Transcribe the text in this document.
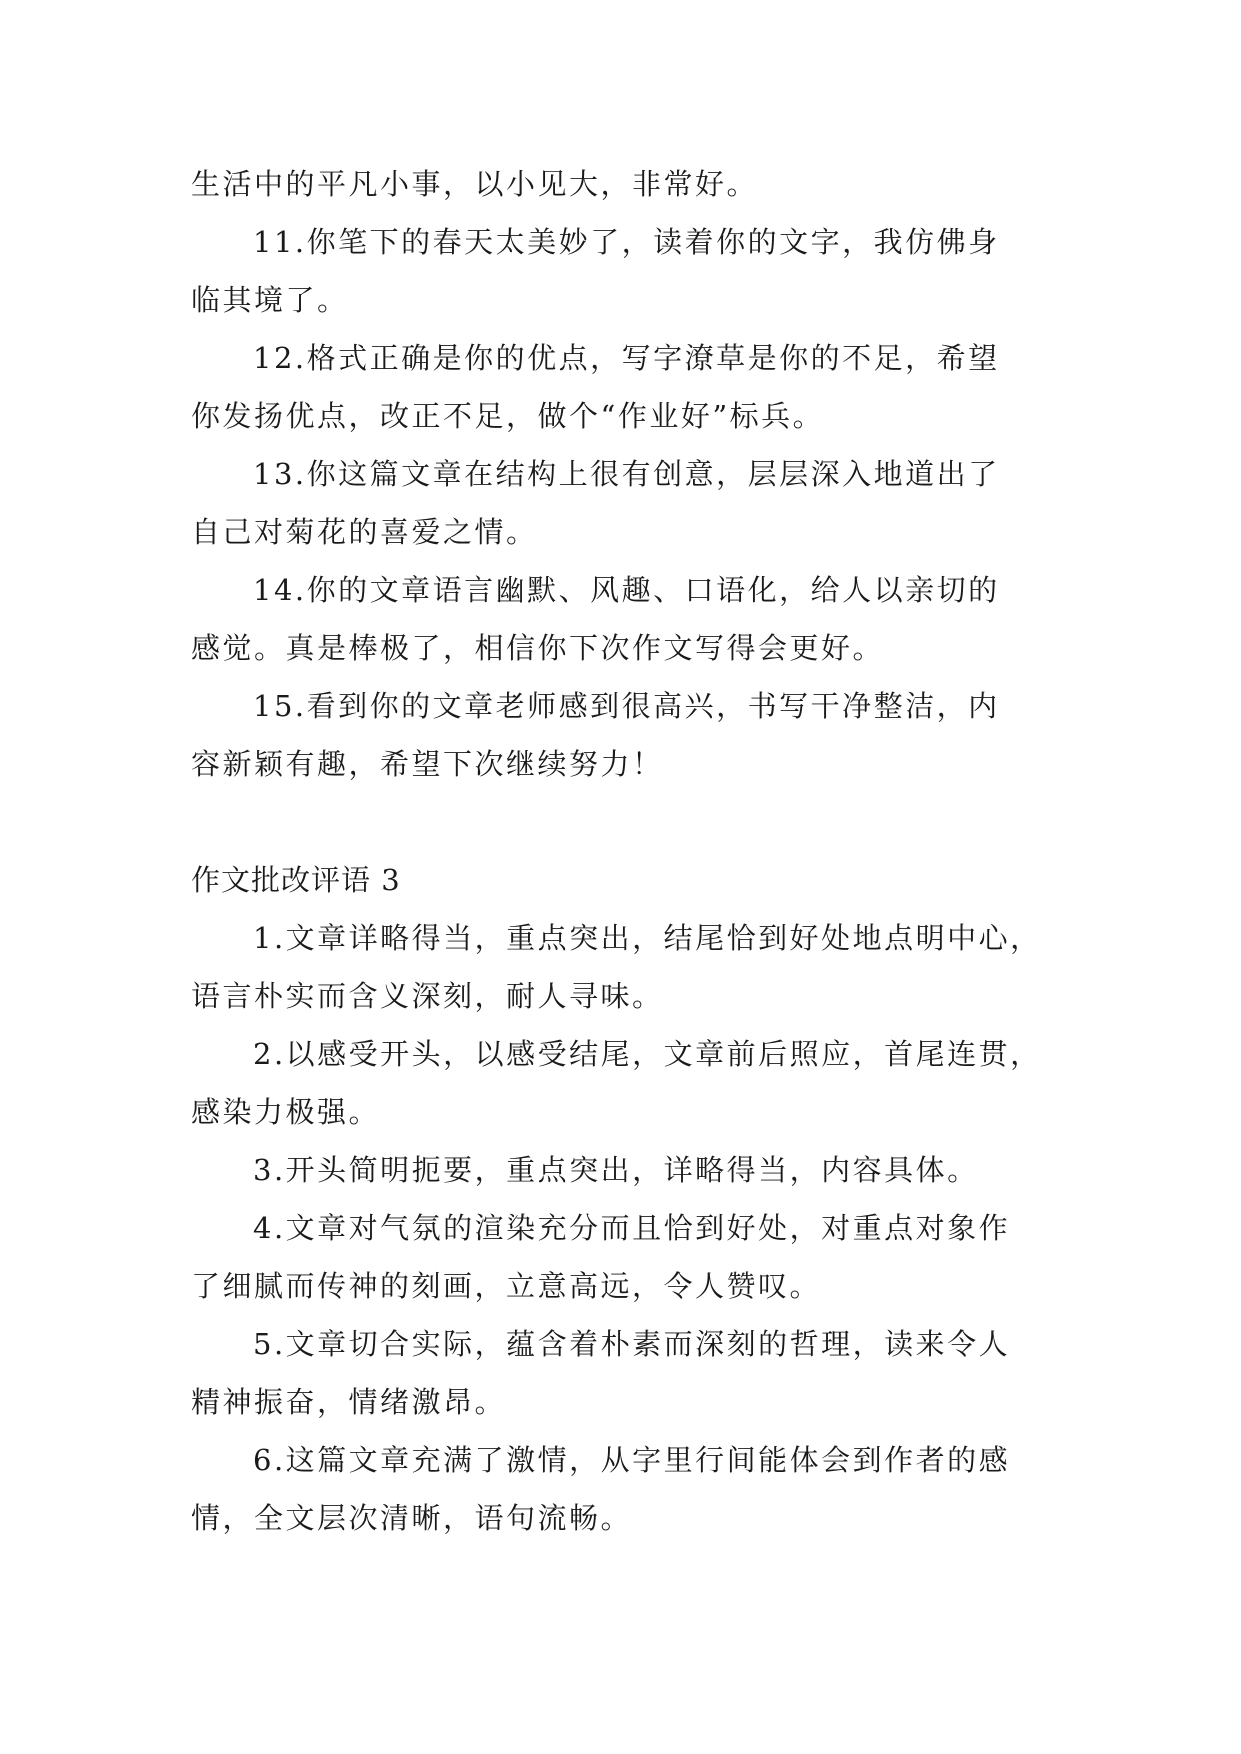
生活中的平凡小事，以小见大，非常好。
11.你笔下的春天太美妙了，读着你的文字，我仿佛身
临其境了。
12.格式正确是你的优点，写字潦草是你的不足，希望
你发扬优点，改正不足，做个“作业好”标兵。
13.你这篇文章在结构上很有创意，层层深入地道出了
自己对菊花的喜爱之情。
14.你的文章语言幽默、风趣、口语化，给人以亲切的
感觉。真是棒极了，相信你下次作文写得会更好。
15.看到你的文章老师感到很高兴，书写干净整洁，内
容新颖有趣，希望下次继续努力！
作文批改评语 3
1.文章详略得当，重点突出，结尾恰到好处地点明中心，
语言朴实而含义深刻，耐人寻味。
2.以感受开头，以感受结尾，文章前后照应，首尾连贯，
感染力极强。
3.开头简明扼要，重点突出，详略得当，内容具体。
4.文章对气氛的渲染充分而且恰到好处，对重点对象作
了细腻而传神的刻画，立意高远，令人赞叹。
5.文章切合实际，蕴含着朴素而深刻的哲理，读来令人
精神振奋，情绪激昂。
6.这篇文章充满了激情，从字里行间能体会到作者的感
情，全文层次清晰，语句流畅。
